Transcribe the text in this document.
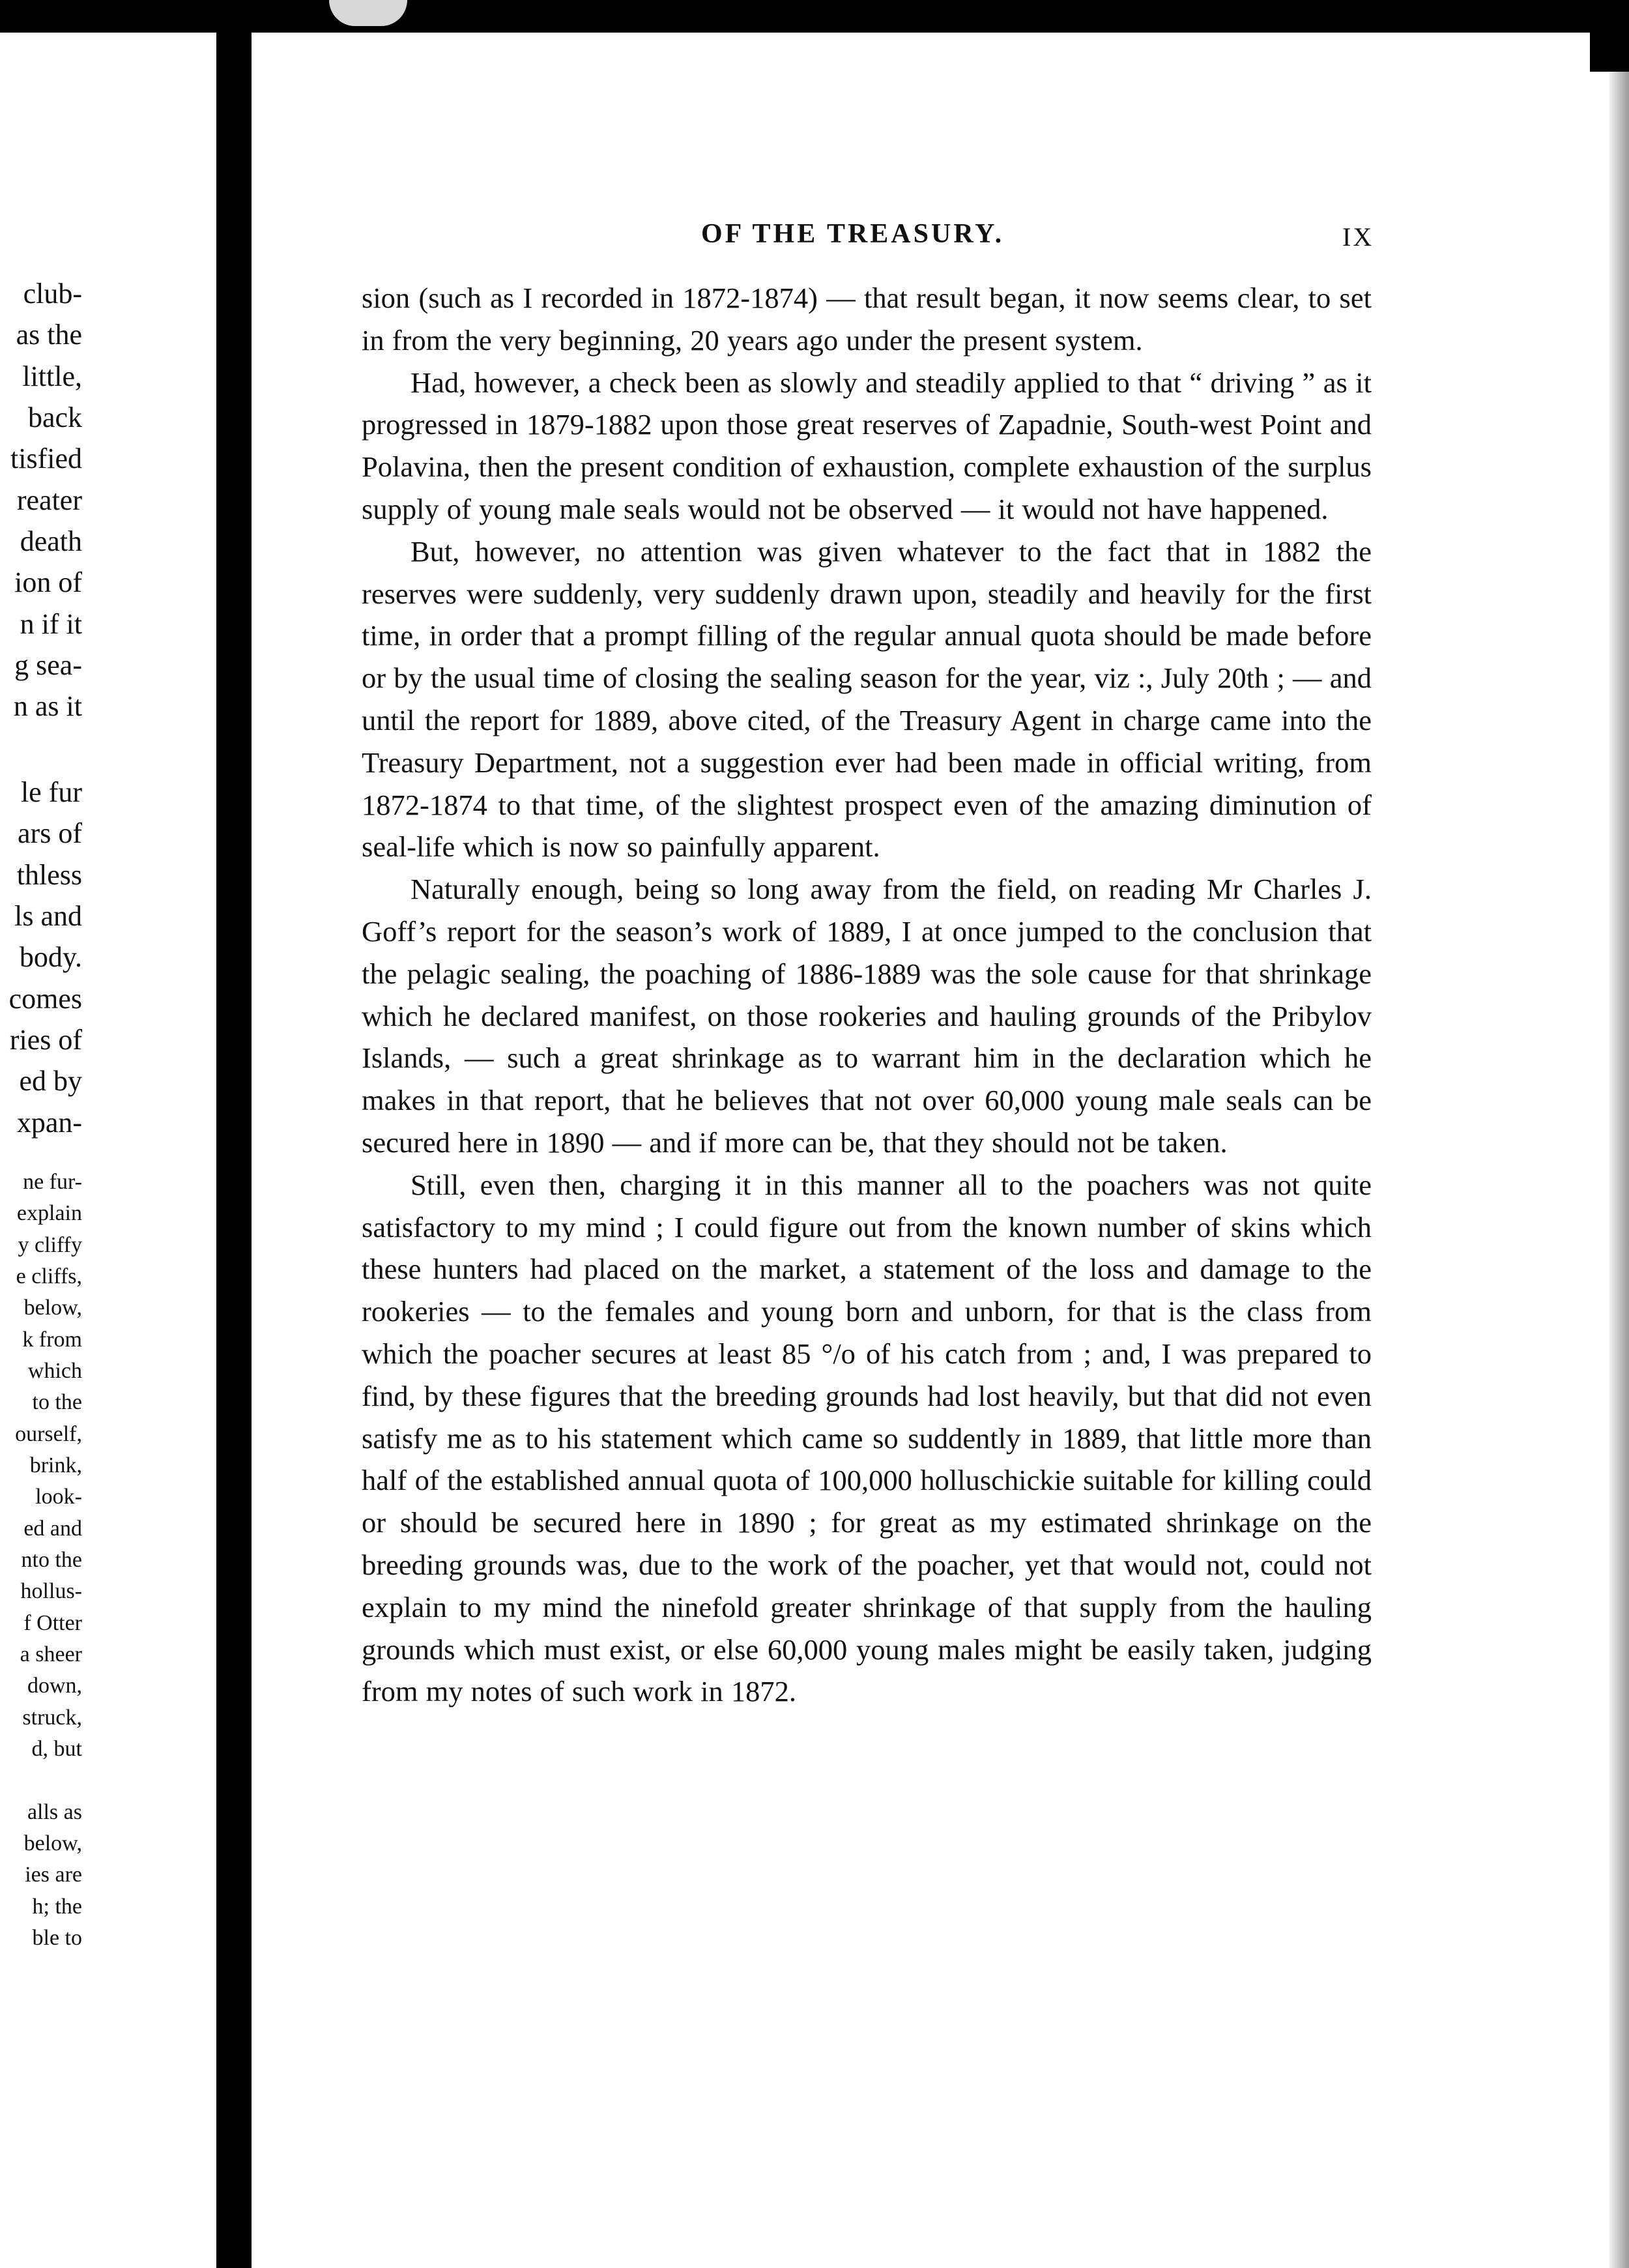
club-
as the
little,
back
tisfied
reater
death
ion of
n if it
g sea-
n as it
le fur
ars of
thless
ls and
body.
comes
ries of
ed by
xpan-
ne fur-
explain
y cliffy
e cliffs,
below,
k from
which
to the
ourself,
brink,
look-
ed and
nto the
hollus-
f Otter
a sheer
down,
struck,
d, but
alls as
below,
ies are
h; the
ble to
OF THE TREASURY.	IX

sion (such as I recorded in 1872-1874) — that result began, it now seems clear, to set in from the very beginning, 20 years ago under the present system.

Had, however, a check been as slowly and steadily applied to that “ driving ” as it progressed in 1879-1882 upon those great reserves of Zapadnie, South-west Point and Polavina, then the present condition of exhaustion, complete exhaustion of the surplus supply of young male seals would not be observed — it would not have happened.

But, however, no attention was given whatever to the fact that in 1882 the reserves were suddenly, very suddenly drawn upon, steadily and heavily for the first time, in order that a prompt filling of the regular annual quota should be made before or by the usual time of closing the sealing season for the year, viz :, July 20th ; — and until the report for 1889, above cited, of the Treasury Agent in charge came into the Treasury Department, not a suggestion ever had been made in official writing, from 1872-1874 to that time, of the slightest prospect even of the amazing diminution of seal-life which is now so painfully apparent.

Naturally enough, being so long away from the field, on reading Mr Charles J. Goff’s report for the season’s work of 1889, I at once jumped to the conclusion that the pelagic sealing, the poaching of 1886-1889 was the sole cause for that shrinkage which he declared manifest, on those rookeries and hauling grounds of the Pribylov Islands, — such a great shrinkage as to warrant him in the declaration which he makes in that report, that he believes that not over 60,000 young male seals can be secured here in 1890 — and if more can be, that they should not be taken.

Still, even then, charging it in this manner all to the poachers was not quite satisfactory to my mind ; I could figure out from the known number of skins which these hunters had placed on the market, a statement of the loss and damage to the rookeries — to the females and young born and unborn, for that is the class from which the poacher secures at least 85 °/o of his catch from ; and, I was prepared to find, by these figures that the breeding grounds had lost heavily, but that did not even satisfy me as to his statement which came so suddently in 1889, that little more than half of the established annual quota of 100,000 holluschickie suitable for killing could or should be secured here in 1890 ; for great as my estimated shrinkage on the breeding grounds was, due to the work of the poacher, yet that would not, could not explain to my mind the ninefold greater shrinkage of that supply from the hauling grounds which must exist, or else 60,000 young males might be easily taken, judging from my notes of such work in 1872.
